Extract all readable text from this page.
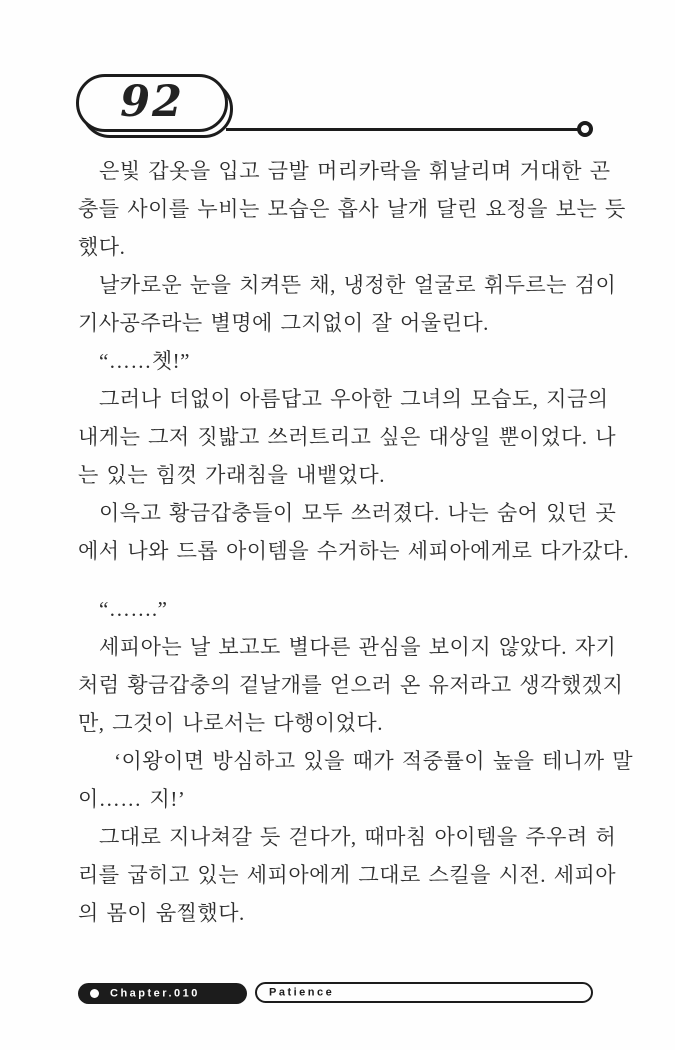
92
은빛 갑옷을 입고 금발 머리카락을 휘날리며 거대한 곤
충들 사이를 누비는 모습은 흡사 날개 달린 요정을 보는 듯
했다.
날카로운 눈을 치켜뜬 채, 냉정한 얼굴로 휘두르는 검이
기사공주라는 별명에 그지없이 잘 어울린다.
“……쳇!”
그러나 더없이 아름답고 우아한 그녀의 모습도, 지금의
내게는 그저 짓밟고 쓰러트리고 싶은 대상일 뿐이었다. 나
는 있는 힘껏 가래침을 내뱉었다.
이윽고 황금갑충들이 모두 쓰러졌다. 나는 숨어 있던 곳
에서 나와 드롭 아이템을 수거하는 세피아에게로 다가갔다.
“…….”
세피아는 날 보고도 별다른 관심을 보이지 않았다. 자기
처럼 황금갑충의 겉날개를 얻으러 온 유저라고 생각했겠지
만, 그것이 나로서는 다행이었다.
‘이왕이면 방심하고 있을 때가 적중률이 높을 테니까 말
이…… 지!’
그대로 지나쳐갈 듯 걷다가, 때마침 아이템을 주우려 허
리를 굽히고 있는 세피아에게 그대로 스킬을 시전. 세피아
의 몸이 움찔했다.
Chapter.010	Patience
